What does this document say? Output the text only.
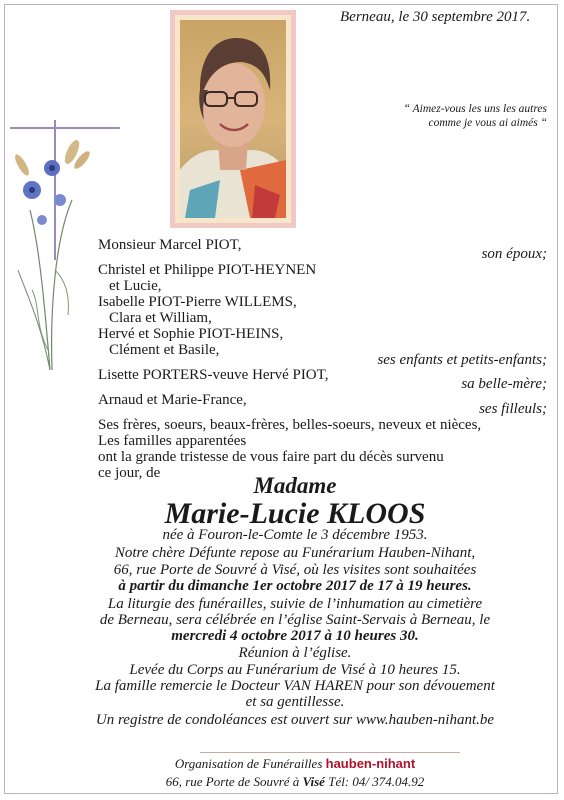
Berneau, le 30 septembre 2017.
“ Aimez-vous les uns les autres
comme je vous ai aimés “
Monsieur Marcel PIOT,
son époux;
Christel et Philippe PIOT-HEYNEN
et Lucie,
Isabelle PIOT-Pierre WILLEMS,
Clara et William,
Hervé et Sophie PIOT-HEINS,
Clément et Basile,
ses enfants et petits-enfants;
Lisette PORTERS-veuve Hervé PIOT,
sa belle-mère;
Arnaud et Marie-France,
ses filleuls;
Ses frères, soeurs, beaux-frères, belles-soeurs, neveux et nièces,
Les familles apparentées
ont la grande tristesse de vous faire part du décès survenu
ce jour, de	Madame
Marie-Lucie KLOOS
née à Fouron-le-Comte le 3 décembre 1953.
Notre chère Défunte repose au Funérarium Hauben-Nihant,
66, rue Porte de Souvré à Visé, où les visites sont souhaitées
à partir du dimanche 1er octobre 2017 de 17 à 19 heures.
La liturgie des funérailles, suivie de l’inhumation au cimetière
de Berneau, sera célébrée en l’église Saint-Servais à Berneau, le
mercredi 4 octobre 2017 à 10 heures 30.
Réunion à l’église.
Levée du Corps au Funérarium de Visé à 10 heures 15.
La famille remercie le Docteur VAN HAREN pour son dévouement
et sa gentillesse.
Un registre de condoléances est ouvert sur www.hauben-nihant.be
Organisation de Funérailles hauben-nihant
66, rue Porte de Souvré à Visé Tél: 04/ 374.04.92
